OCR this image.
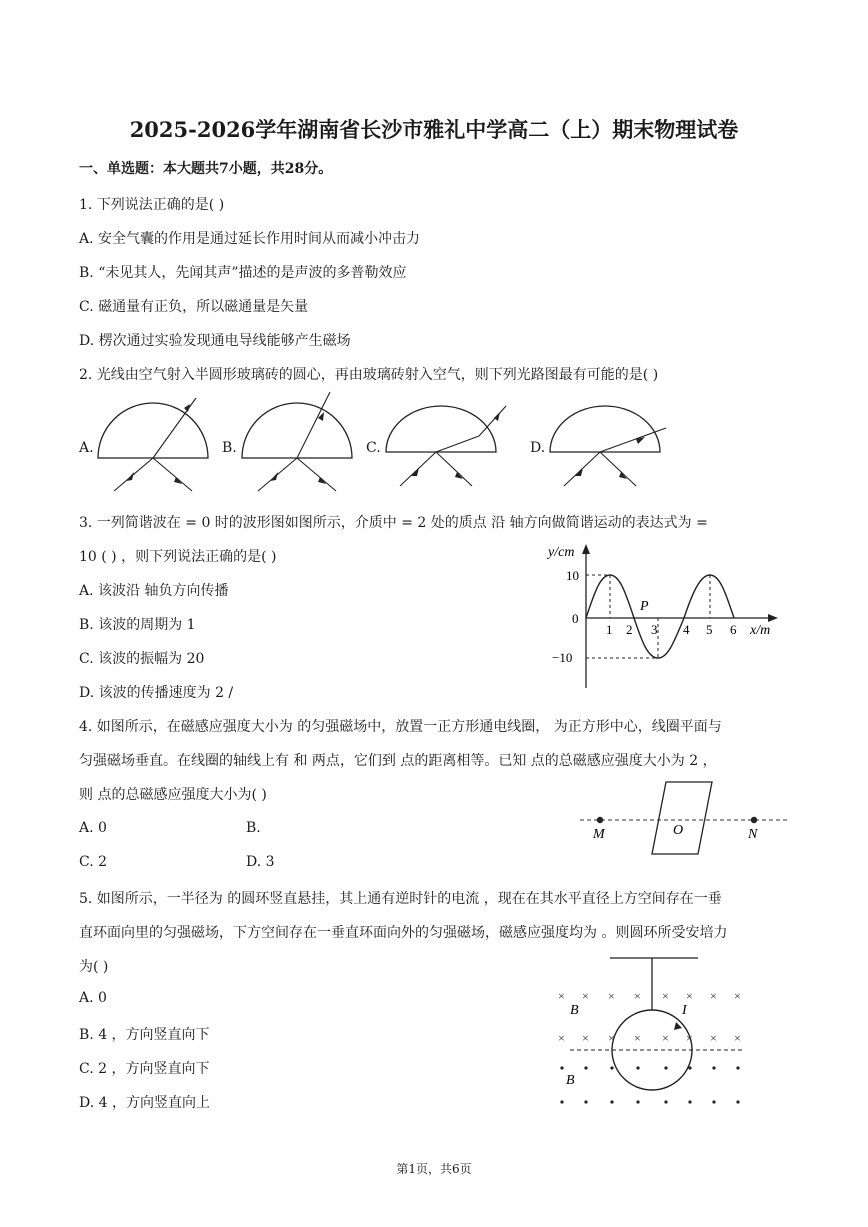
2025-2026学年湖南省长沙市雅礼中学高二（上）期末物理试卷
一、单选题：本大题共7小题，共28分。
1. 下列说法正确的是( )
A. 安全气囊的作用是通过延长作用时间从而减小冲击力
B. “未见其人，先闻其声”描述的是声波的多普勒效应
C. 磁通量有正负，所以磁通量是矢量
D. 楞次通过实验发现通电导线能够产生磁场
2. 光线由空气射入半圆形玻璃砖的圆心，再由玻璃砖射入空气，则下列光路图最有可能的是( )
A.	B.	C.	D.
3. 一列简谐波在 = 0 时的波形图如图所示，介质中 = 2 处的质点 沿 轴方向做简谐运动的表达式为 =
10 ( ) ，则下列说法正确的是( )
A. 该波沿 轴负方向传播
B. 该波的周期为 1
C. 该波的振幅为 20
D. 该波的传播速度为 2 /
y/cm
x/m
10
0
−10
1 2 3 4 5 6
P
4. 如图所示，在磁感应强度大小为 的匀强磁场中，放置一正方形通电线圈， 为正方形中心，线圈平面与
匀强磁场垂直。在线圈的轴线上有 和 两点，它们到 点的距离相等。已知 点的总磁感应强度大小为 2 ，
则 点的总磁感应强度大小为( )
A. 0	B.
C. 2	D. 3
M	O	N
5. 如图所示，一半径为 的圆环竖直悬挂，其上通有逆时针的电流 ，现在在其水平直径上方空间存在一垂
直环面向里的匀强磁场，下方空间存在一垂直环面向外的匀强磁场，磁感应强度均为 。则圆环所受安培力
为( )
A. 0
B. 4 ，方向竖直向下
C. 2 ，方向竖直向下
D. 4 ，方向竖直向上
× × × × × × × ×
× × × × × × × ×
B
B
I
第1页，共6页
